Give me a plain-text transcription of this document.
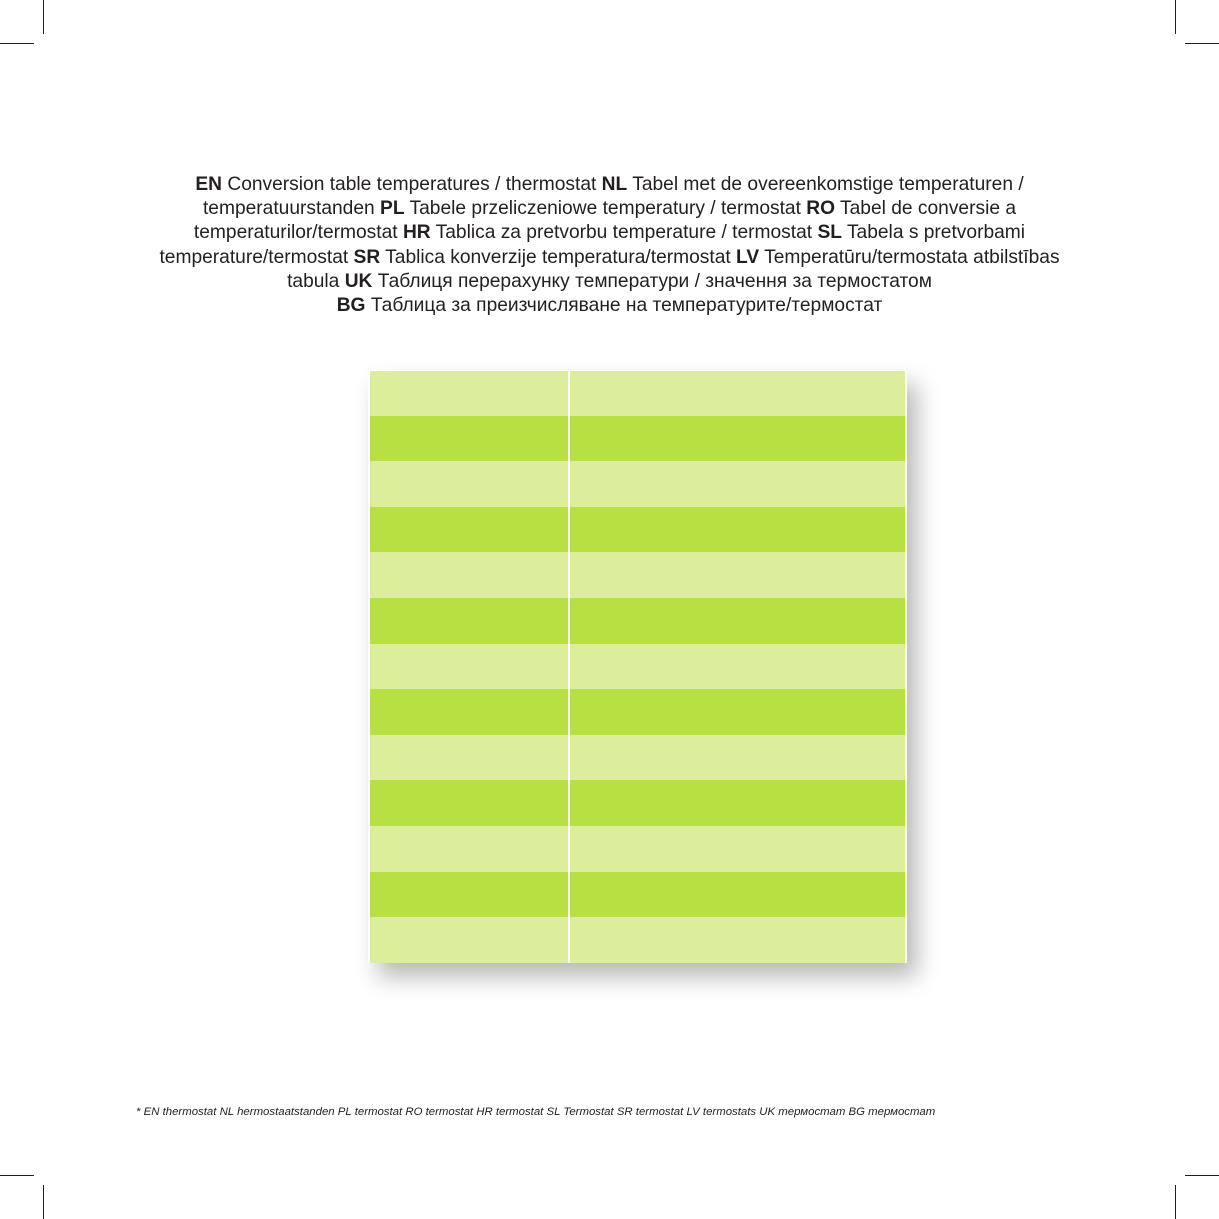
EN Conversion table temperatures / thermostat NL Tabel met de overeenkomstige temperaturen / temperatuurstanden PL Tabele przeliczeniowe temperatury / termostat RO Tabel de conversie a temperaturilor/termostat HR Tablica za pretvorbu temperature / termostat SL Tabela s pretvorbami temperature/termostat SR Tablica konverzije temperatura/termostat LV Temperatūru/termostata atbilstības tabula UK Таблиця перерахунку температури / значення за термостатом
BG Таблица за преизчисляване на температурите/термостат
* EN thermostat NL hermostaatstanden PL termostat RO termostat HR termostat SL Termostat SR termostat LV termostats UK термостат BG термостат
